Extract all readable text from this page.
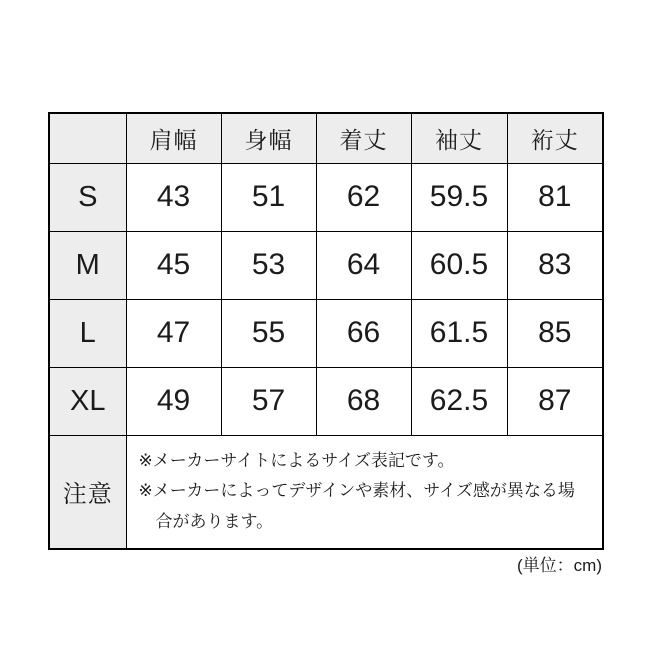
	肩幅	身幅	着丈	袖丈	裄丈
S	43	51	62	59.5	81
M	45	53	64	60.5	83
L	47	55	66	61.5	85
XL	49	57	68	62.5	87
注意	※メーカーサイトによるサイズ表記です。
※メーカーによってデザインや素材、サイズ感が異なる場合があります。				
(単位：cm)
